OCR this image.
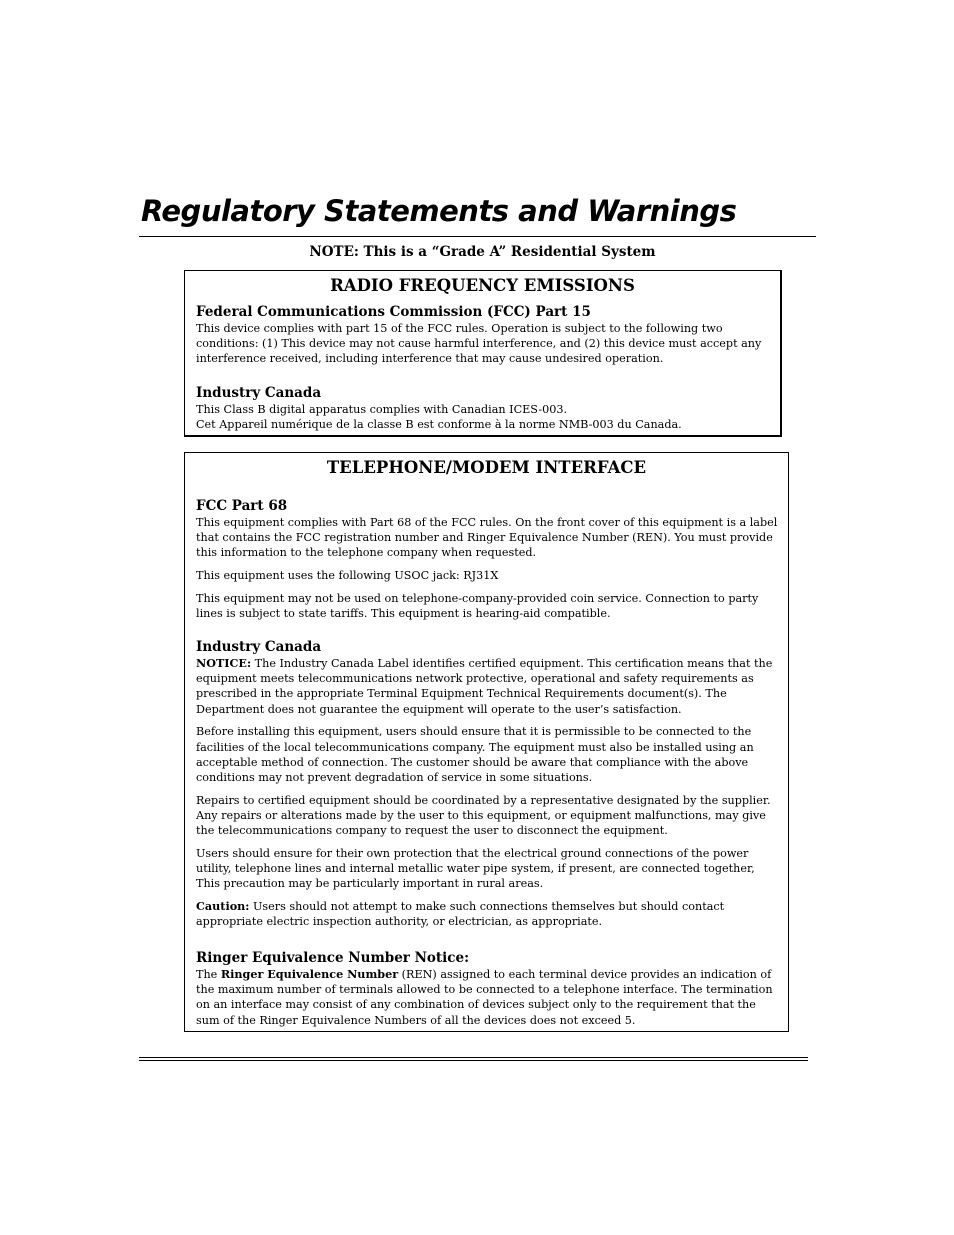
Regulatory Statements and Warnings
NOTE: This is a “Grade A” Residential System
RADIO FREQUENCY EMISSIONS
Federal Communications Commission (FCC) Part 15

This device complies with part 15 of the FCC rules. Operation is subject to the following two conditions: (1) This device may not cause harmful interference, and (2) this device must accept any interference received, including interference that may cause undesired operation.

Industry Canada

This Class B digital apparatus complies with Canadian ICES-003.

Cet Appareil numérique de la classe B est conforme à la norme NMB-003 du Canada.

TELEPHONE/MODEM INTERFACE
FCC Part 68

This equipment complies with Part 68 of the FCC rules. On the front cover of this equipment is a label that contains the FCC registration number and Ringer Equivalence Number (REN). You must provide this information to the telephone company when requested.

This equipment uses the following USOC jack: RJ31X

This equipment may not be used on telephone-company-provided coin service. Connection to party lines is subject to state tariffs. This equipment is hearing-aid compatible.

Industry Canada

NOTICE: The Industry Canada Label identifies certified equipment. This certification means that the equipment meets telecommunications network protective, operational and safety requirements as prescribed in the appropriate Terminal Equipment Technical Requirements document(s). The Department does not guarantee the equipment will operate to the user’s satisfaction.

Before installing this equipment, users should ensure that it is permissible to be connected to the facilities of the local telecommunications company. The equipment must also be installed using an acceptable method of connection. The customer should be aware that compliance with the above conditions may not prevent degradation of service in some situations.

Repairs to certified equipment should be coordinated by a representative designated by the supplier. Any repairs or alterations made by the user to this equipment, or equipment malfunctions, may give the telecommunications company to request the user to disconnect the equipment.

Users should ensure for their own protection that the electrical ground connections of the power utility, telephone lines and internal metallic water pipe system, if present, are connected together, This precaution may be particularly important in rural areas.

Caution: Users should not attempt to make such connections themselves but should contact appropriate electric inspection authority, or electrician, as appropriate.

Ringer Equivalence Number Notice:

The Ringer Equivalence Number (REN) assigned to each terminal device provides an indication of the maximum number of terminals allowed to be connected to a telephone interface. The termination on an interface may consist of any combination of devices subject only to the requirement that the sum of the Ringer Equivalence Numbers of all the devices does not exceed 5.
